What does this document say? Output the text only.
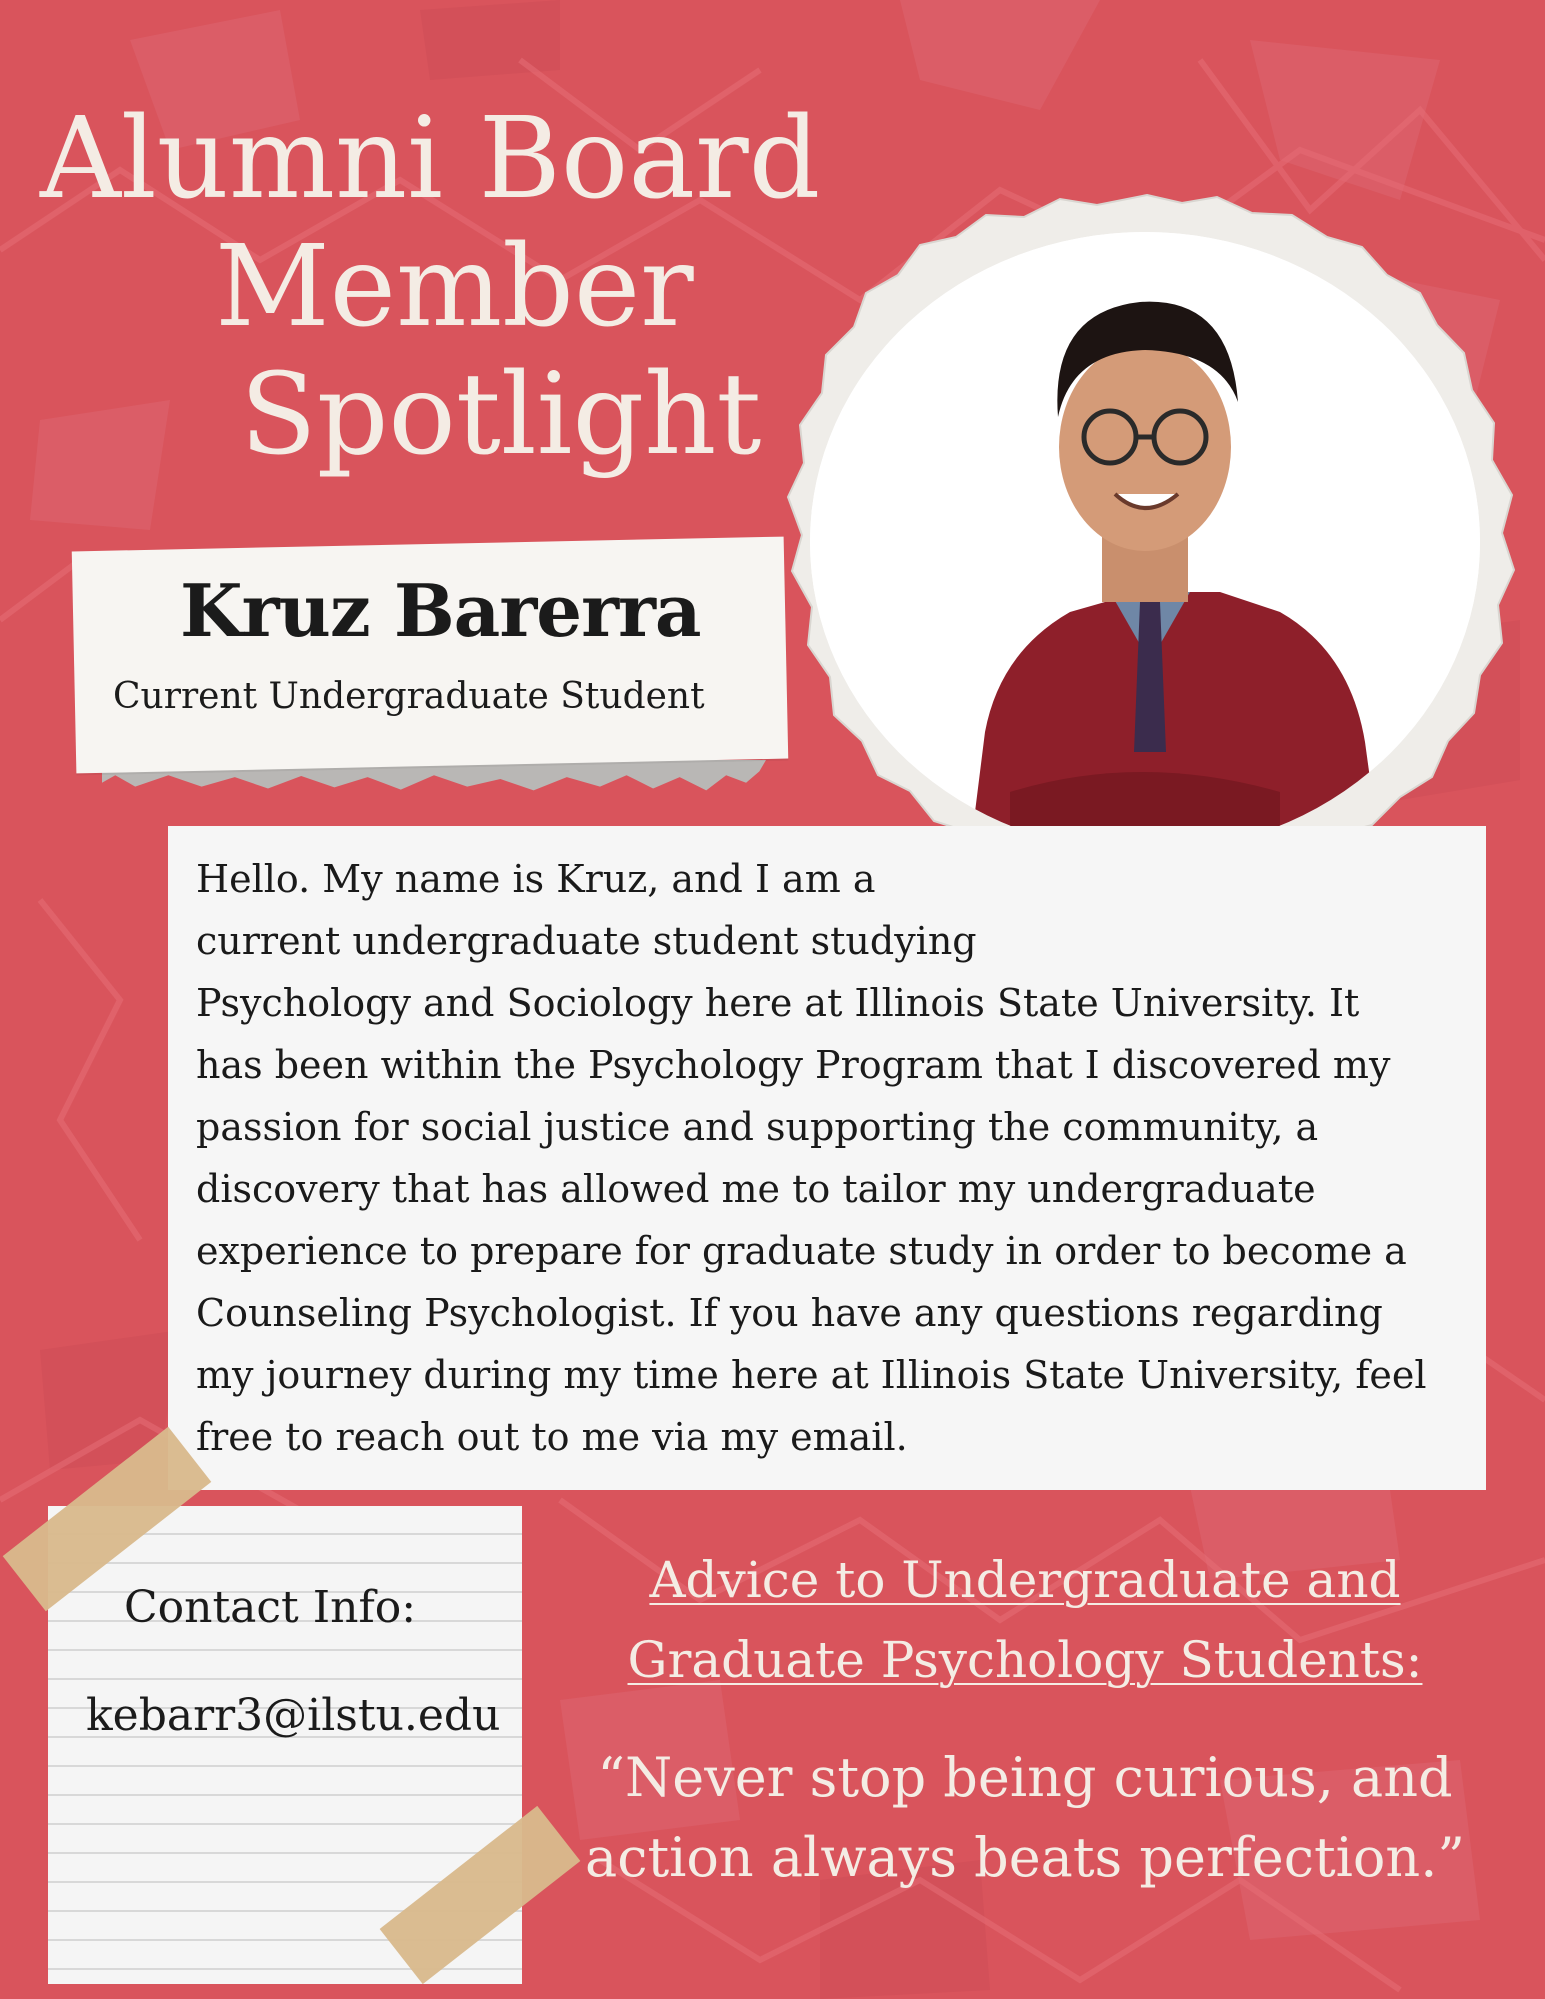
Alumni Board
Member
Spotlight
Kruz Barerra
Current Undergraduate Student
Hello. My name is Kruz, and I am a
current undergraduate student studying
Psychology and Sociology here at Illinois State University. It
has been within the Psychology Program that I discovered my
passion for social justice and supporting the community, a
discovery that has allowed me to tailor my undergraduate
experience to prepare for graduate study in order to become a
Counseling Psychologist. If you have any questions regarding
my journey during my time here at Illinois State University, feel
free to reach out to me via my email.
Contact Info:
kebarr3@ilstu.edu
Advice to Undergraduate and
Graduate Psychology Students:
“Never stop being curious, and
action always beats perfection.”
